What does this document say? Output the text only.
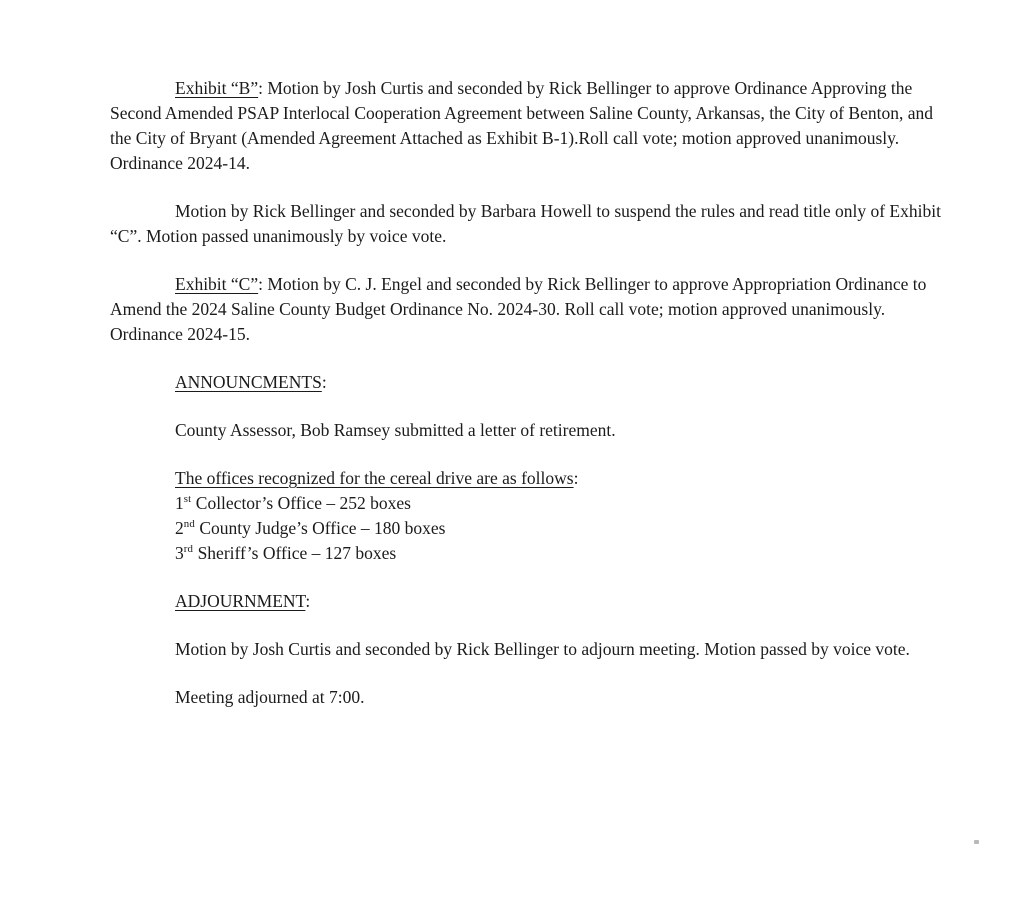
Exhibit “B”: Motion by Josh Curtis and seconded by Rick Bellinger to approve Ordinance Approving the Second Amended PSAP Interlocal Cooperation Agreement between Saline County, Arkansas, the City of Benton, and the City of Bryant (Amended Agreement Attached as Exhibit B-1).Roll call vote; motion approved unanimously. Ordinance 2024-14.

Motion by Rick Bellinger and seconded by Barbara Howell to suspend the rules and read title only of Exhibit “C”. Motion passed unanimously by voice vote.

Exhibit “C”: Motion by C. J. Engel and seconded by Rick Bellinger to approve Appropriation Ordinance to Amend the 2024 Saline County Budget Ordinance No. 2024-30. Roll call vote; motion approved unanimously. Ordinance 2024-15.

ANNOUNCMENTS:

County Assessor, Bob Ramsey submitted a letter of retirement.

The offices recognized for the cereal drive are as follows:
1st Collector’s Office – 252 boxes
2nd County Judge’s Office – 180 boxes
3rd Sheriff’s Office – 127 boxes
ADJOURNMENT:

Motion by Josh Curtis and seconded by Rick Bellinger to adjourn meeting. Motion passed by voice vote.

Meeting adjourned at 7:00.
